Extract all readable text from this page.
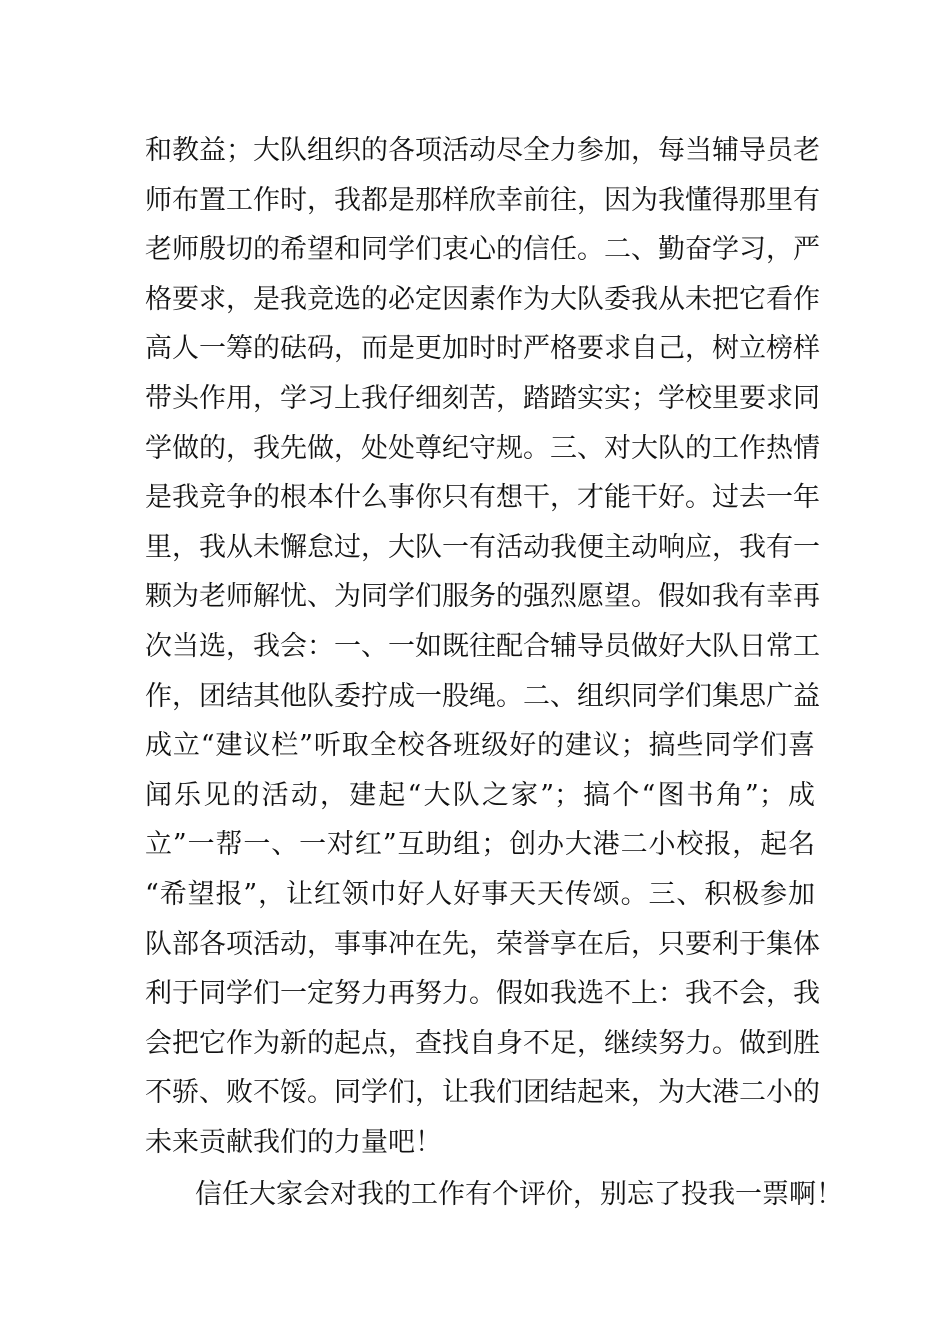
和教益；大队组织的各项活动尽全力参加，每当辅导员老
师布置工作时，我都是那样欣幸前往，因为我懂得那里有
老师殷切的希望和同学们衷心的信任。二、勤奋学习，严
格要求，是我竞选的必定因素作为大队委我从未把它看作
高人一筹的砝码，而是更加时时严格要求自己，树立榜样
带头作用，学习上我仔细刻苦，踏踏实实；学校里要求同
学做的，我先做，处处尊纪守规。三、对大队的工作热情
是我竞争的根本什么事你只有想干，才能干好。过去一年
里，我从未懈怠过，大队一有活动我便主动响应，我有一
颗为老师解忧、为同学们服务的强烈愿望。假如我有幸再
次当选，我会：一、一如既往配合辅导员做好大队日常工
作，团结其他队委拧成一股绳。二、组织同学们集思广益
成立“建议栏”听取全校各班级好的建议；搞些同学们喜
闻乐见的活动，建起“大队之家”；搞个“图书角”；成
立”一帮一、一对红”互助组；创办大港二小校报，起名
“希望报”，让红领巾好人好事天天传颂。三、积极参加
队部各项活动，事事冲在先，荣誉享在后，只要利于集体
利于同学们一定努力再努力。假如我选不上：我不会，我
会把它作为新的起点，查找自身不足，继续努力。做到胜
不骄、败不馁。同学们，让我们团结起来，为大港二小的
未来贡献我们的力量吧！
信任大家会对我的工作有个评价，别忘了投我一票啊！
